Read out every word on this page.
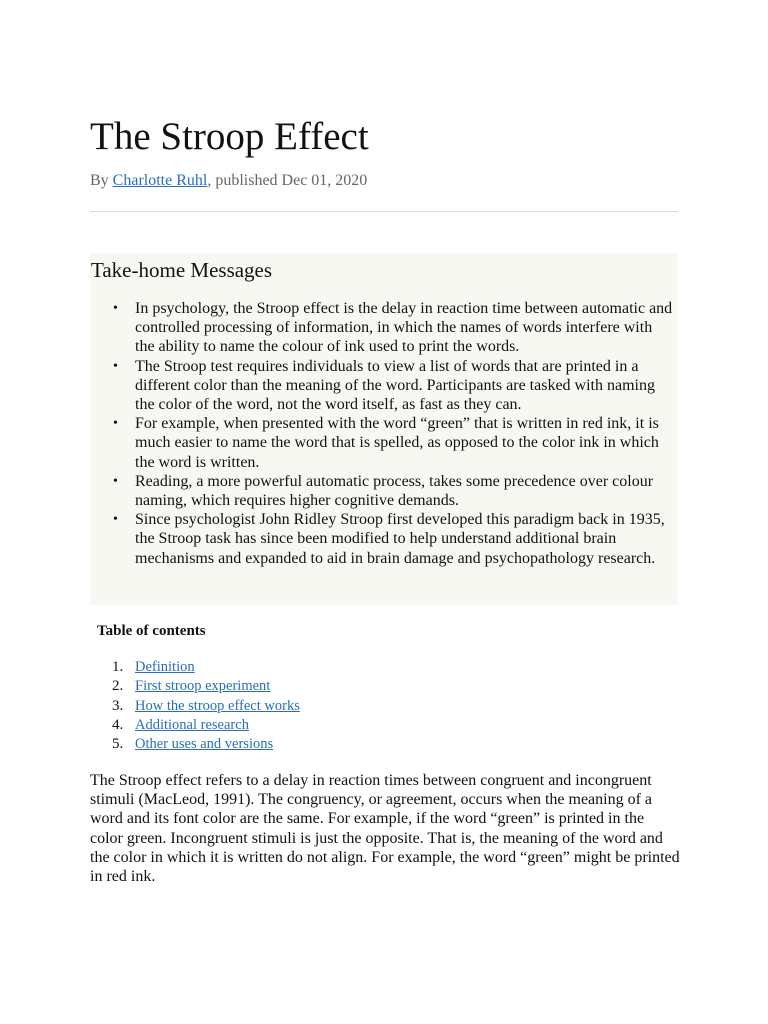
The Stroop Effect
By Charlotte Ruhl, published Dec 01, 2020
Take-home Messages
• In psychology, the Stroop effect is the delay in reaction time between automatic and controlled processing of information, in which the names of words interfere with the ability to name the colour of ink used to print the words.
• The Stroop test requires individuals to view a list of words that are printed in a different color than the meaning of the word. Participants are tasked with naming the color of the word, not the word itself, as fast as they can.
• For example, when presented with the word “green” that is written in red ink, it is much easier to name the word that is spelled, as opposed to the color ink in which the word is written.
• Reading, a more powerful automatic process, takes some precedence over colour naming, which requires higher cognitive demands.
• Since psychologist John Ridley Stroop first developed this paradigm back in 1935, the Stroop task has since been modified to help understand additional brain mechanisms and expanded to aid in brain damage and psychopathology research.
Table of contents
1. Definition
2. First stroop experiment
3. How the stroop effect works
4. Additional research
5. Other uses and versions

The Stroop effect refers to a delay in reaction times between congruent and incongruent stimuli (MacLeod, 1991). The congruency, or agreement, occurs when the meaning of a word and its font color are the same. For example, if the word “green” is printed in the color green. Incongruent stimuli is just the opposite. That is, the meaning of the word and the color in which it is written do not align. For example, the word “green” might be printed in red ink.
